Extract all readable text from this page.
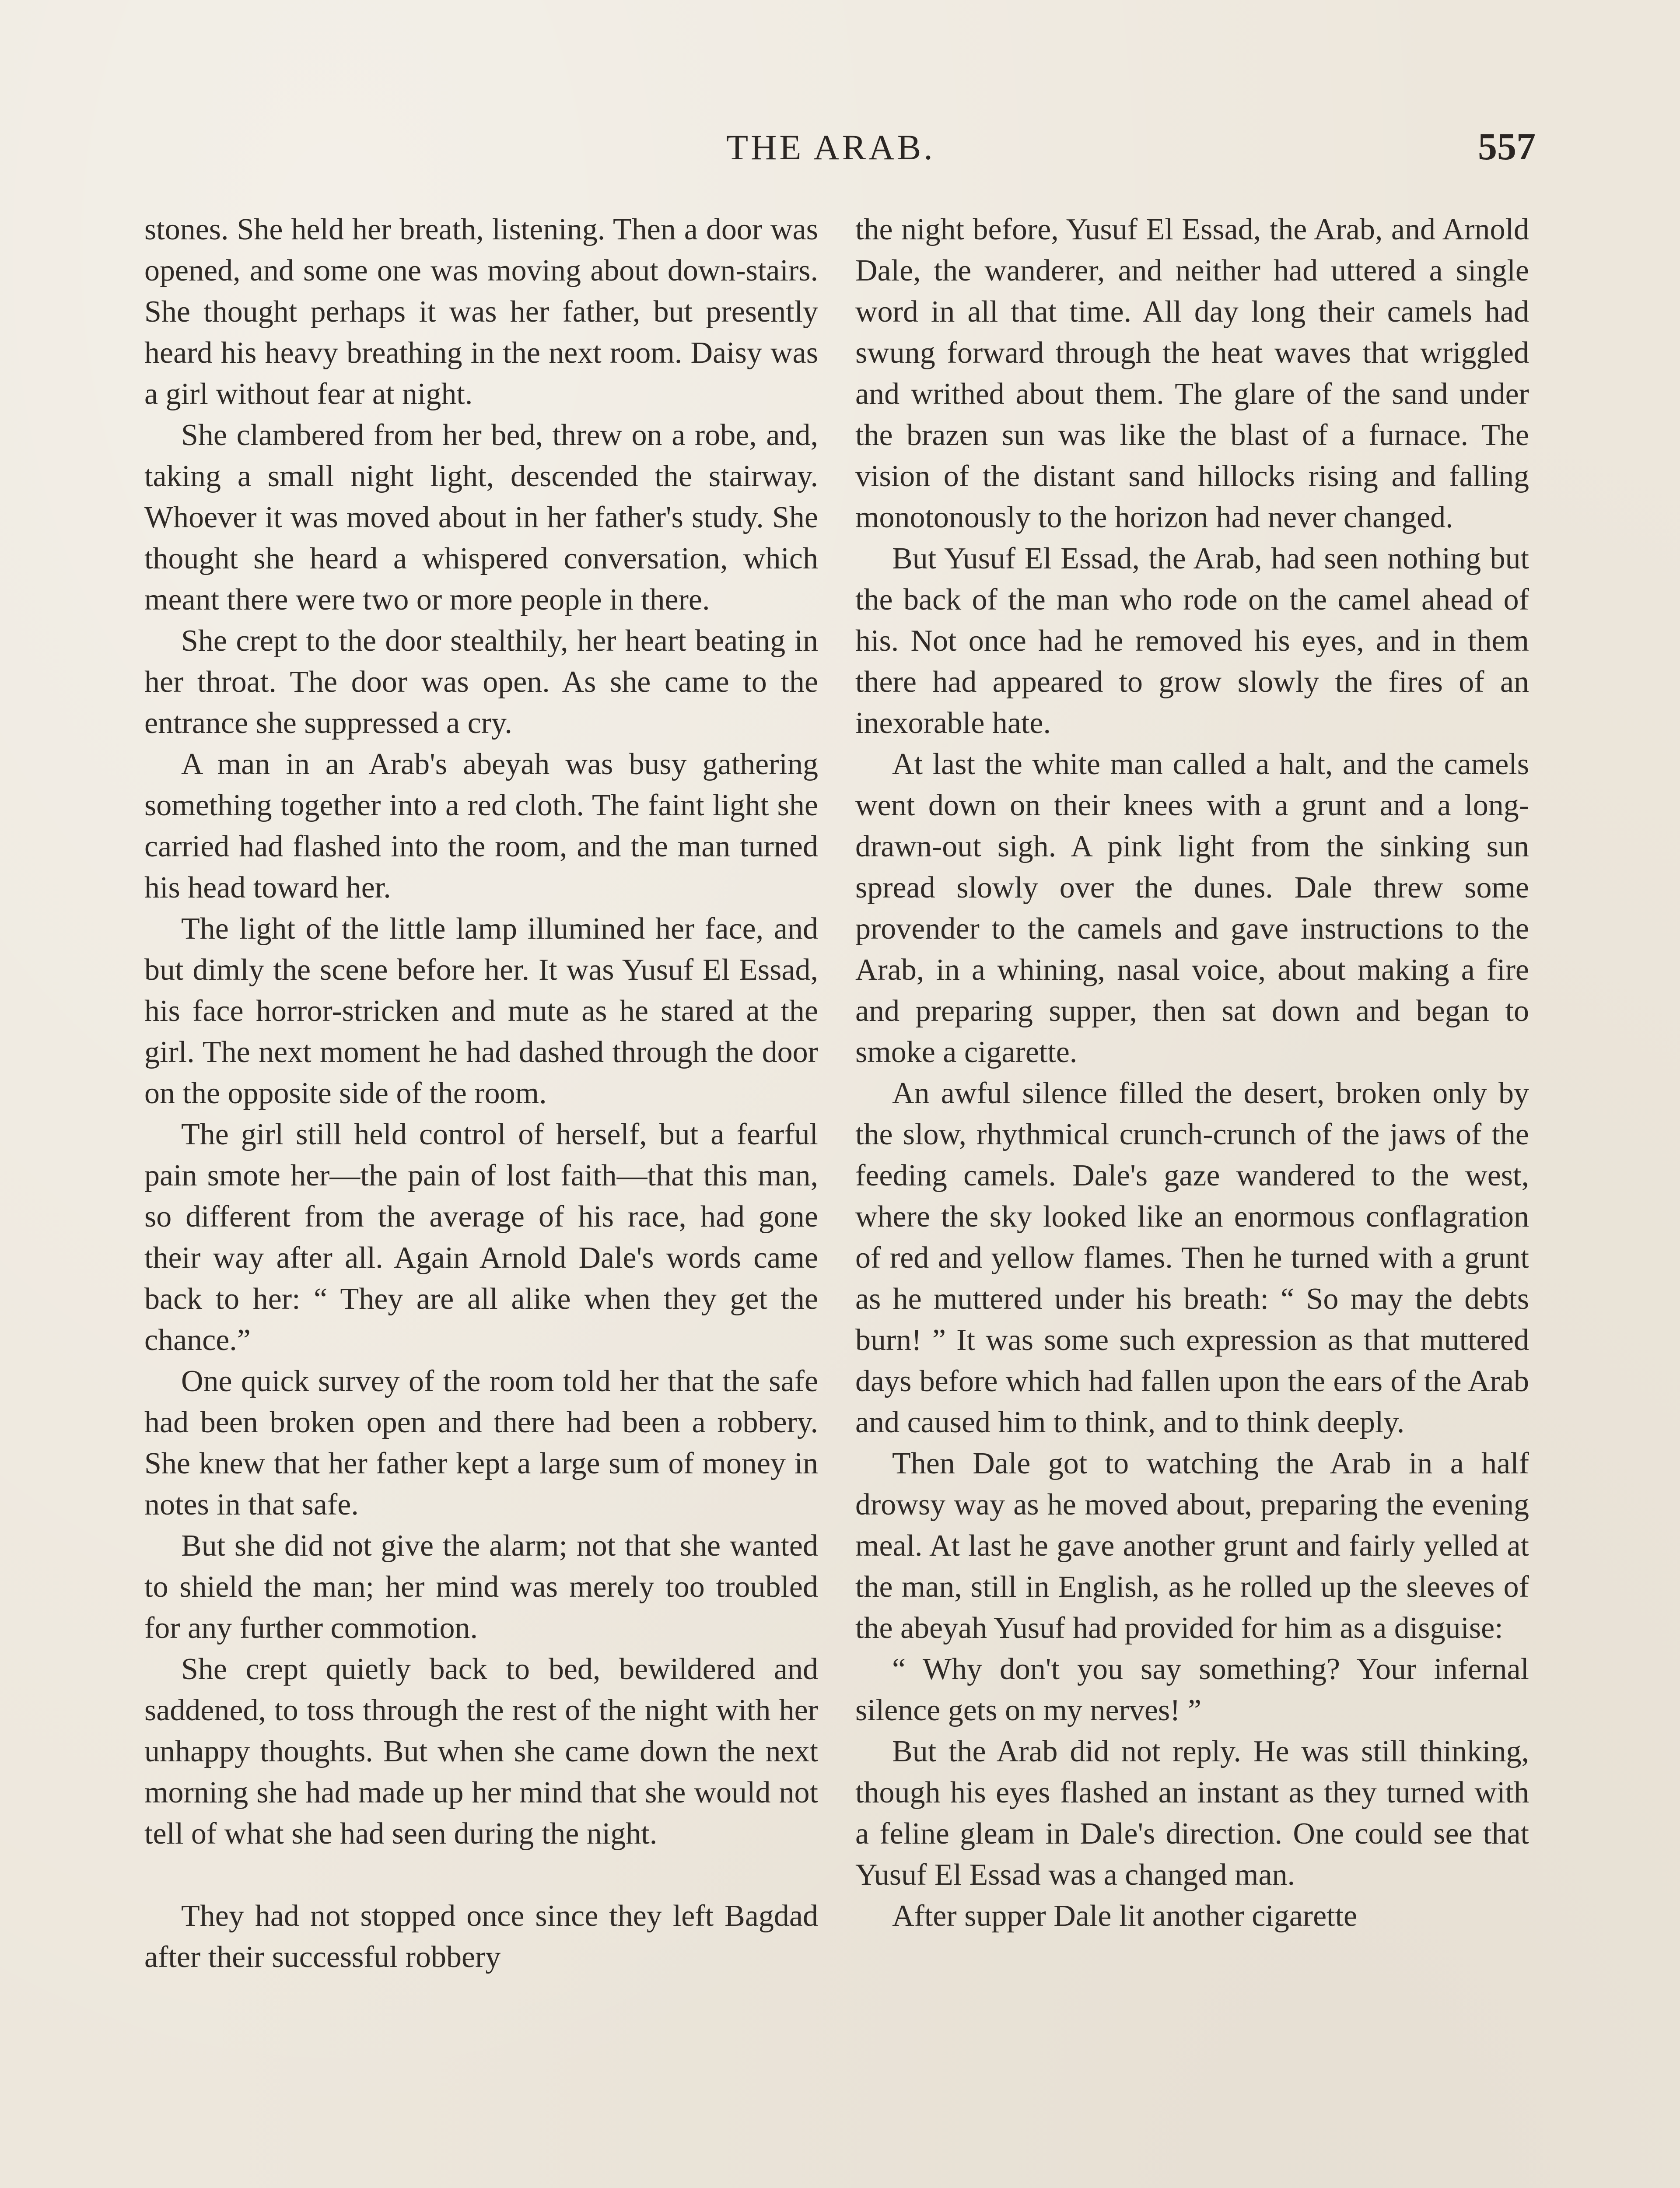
THE ARAB.	557

stones. She held her breath, listening. Then a door was opened, and some one was moving about down-stairs. She thought perhaps it was her father, but presently heard his heavy breathing in the next room. Daisy was a girl without fear at night.

She clambered from her bed, threw on a robe, and, taking a small night light, descended the stairway. Whoever it was moved about in her father's study. She thought she heard a whispered conversation, which meant there were two or more people in there.

She crept to the door stealthily, her heart beating in her throat. The door was open. As she came to the entrance she suppressed a cry.

A man in an Arab's abeyah was busy gathering something together into a red cloth. The faint light she carried had flashed into the room, and the man turned his head toward her.

The light of the little lamp illumined her face, and but dimly the scene before her. It was Yusuf El Essad, his face horror-stricken and mute as he stared at the girl. The next moment he had dashed through the door on the opposite side of the room.

The girl still held control of herself, but a fearful pain smote her—the pain of lost faith—that this man, so different from the average of his race, had gone their way after all. Again Arnold Dale's words came back to her: “ They are all alike when they get the chance.”

One quick survey of the room told her that the safe had been broken open and there had been a robbery. She knew that her father kept a large sum of money in notes in that safe.

But she did not give the alarm; not that she wanted to shield the man; her mind was merely too troubled for any further commotion.

She crept quietly back to bed, bewildered and saddened, to toss through the rest of the night with her unhappy thoughts. But when she came down the next morning she had made up her mind that she would not tell of what she had seen during the night.

They had not stopped once since they left Bagdad after their successful robbery

the night before, Yusuf El Essad, the Arab, and Arnold Dale, the wanderer, and neither had uttered a single word in all that time. All day long their camels had swung forward through the heat waves that wriggled and writhed about them. The glare of the sand under the brazen sun was like the blast of a furnace. The vision of the distant sand hillocks rising and falling monotonously to the horizon had never changed.

But Yusuf El Essad, the Arab, had seen nothing but the back of the man who rode on the camel ahead of his. Not once had he removed his eyes, and in them there had appeared to grow slowly the fires of an inexorable hate.

At last the white man called a halt, and the camels went down on their knees with a grunt and a long-drawn-out sigh. A pink light from the sinking sun spread slowly over the dunes. Dale threw some provender to the camels and gave instructions to the Arab, in a whining, nasal voice, about making a fire and preparing supper, then sat down and began to smoke a cigarette.

An awful silence filled the desert, broken only by the slow, rhythmical crunch-crunch of the jaws of the feeding camels. Dale's gaze wandered to the west, where the sky looked like an enormous conflagration of red and yellow flames. Then he turned with a grunt as he muttered under his breath: “ So may the debts burn! ” It was some such expression as that muttered days before which had fallen upon the ears of the Arab and caused him to think, and to think deeply.

Then Dale got to watching the Arab in a half drowsy way as he moved about, preparing the evening meal. At last he gave another grunt and fairly yelled at the man, still in English, as he rolled up the sleeves of the abeyah Yusuf had provided for him as a disguise:

“ Why don't you say something? Your infernal silence gets on my nerves! ”

But the Arab did not reply. He was still thinking, though his eyes flashed an instant as they turned with a feline gleam in Dale's direction. One could see that Yusuf El Essad was a changed man.

After supper Dale lit another cigarette
